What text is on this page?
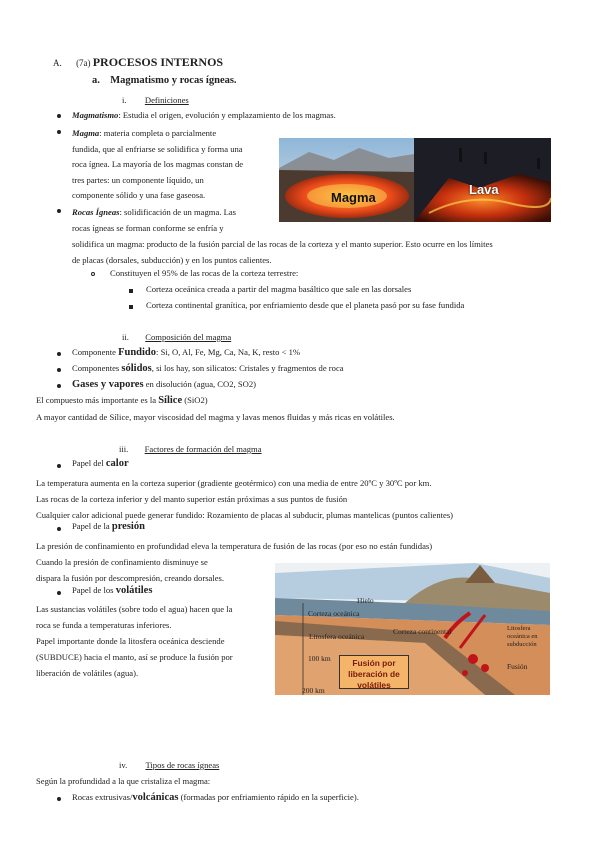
A. (7a) PROCESOS INTERNOS
a. Magmatismo y rocas ígneas.
i. Definiciones
Magmatismo: Estudia el origen, evolución y emplazamiento de los magmas.
Magma: materia completa o parcialmente
fundida, que al enfriarse se solidifica y forma una
roca ígnea. La mayoría de los magmas constan de
tres partes: un componente líquido, un
componente sólido y una fase gaseosa.
Rocas Ígneas: solidificación de un magma. Las
rocas ígneas se forman conforme se enfría y
solidifica un magma: producto de la fusión parcial de las rocas de la corteza y el manto superior. Esto ocurre en los límites
de placas (dorsales, subducción) y en los puntos calientes.
Magma
Lava
Constituyen el 95% de las rocas de la corteza terrestre:
Corteza oceánica creada a partir del magma basáltico que sale en las dorsales
Corteza continental granítica, por enfriamiento desde que el planeta pasó por su fase fundida
ii. Composición del magma
Componente Fundido: Si, O, Al, Fe, Mg, Ca, Na, K, resto < 1%
Componentes sólidos, si los hay, son silicatos: Cristales y fragmentos de roca
Gases y vapores en disolución (agua, CO2, SO2)
El compuesto más importante es la Sílice (SiO2)
A mayor cantidad de Sílice, mayor viscosidad del magma y lavas menos fluidas y más ricas en volátiles.
iii. Factores de formación del magma
Papel del calor
La temperatura aumenta en la corteza superior (gradiente geotérmico) con una media de entre 20ºC y 30ºC por km.
Las rocas de la corteza inferior y del manto superior están próximas a sus puntos de fusión
Cualquier calor adicional puede generar fundido: Rozamiento de placas al subducir, plumas mantelicas (puntos calientes)
Papel de la presión
La presión de confinamiento en profundidad eleva la temperatura de fusión de las rocas (por eso no están fundidas)
Cuando la presión de confinamiento disminuye se
dispara la fusión por descompresión, creando dorsales.
Papel de los volátiles
Las sustancias volátiles (sobre todo el agua) hacen que la
roca se funda a temperaturas inferiores.
Papel importante donde la litosfera oceánica desciende
(SUBDUCE) hacia el manto, así se produce la fusión por
liberación de volátiles (agua).
Hielo
Corteza oceánica
Corteza continental
Litosfera oceánica
Litosfera oceánica en subducción
100 km
200 km
Fusión por liberación de volátiles
Fusión
iv. Tipos de rocas ígneas
Según la profundidad a la que cristaliza el magma:
Rocas extrusivas/volcánicas (formadas por enfriamiento rápido en la superficie).
